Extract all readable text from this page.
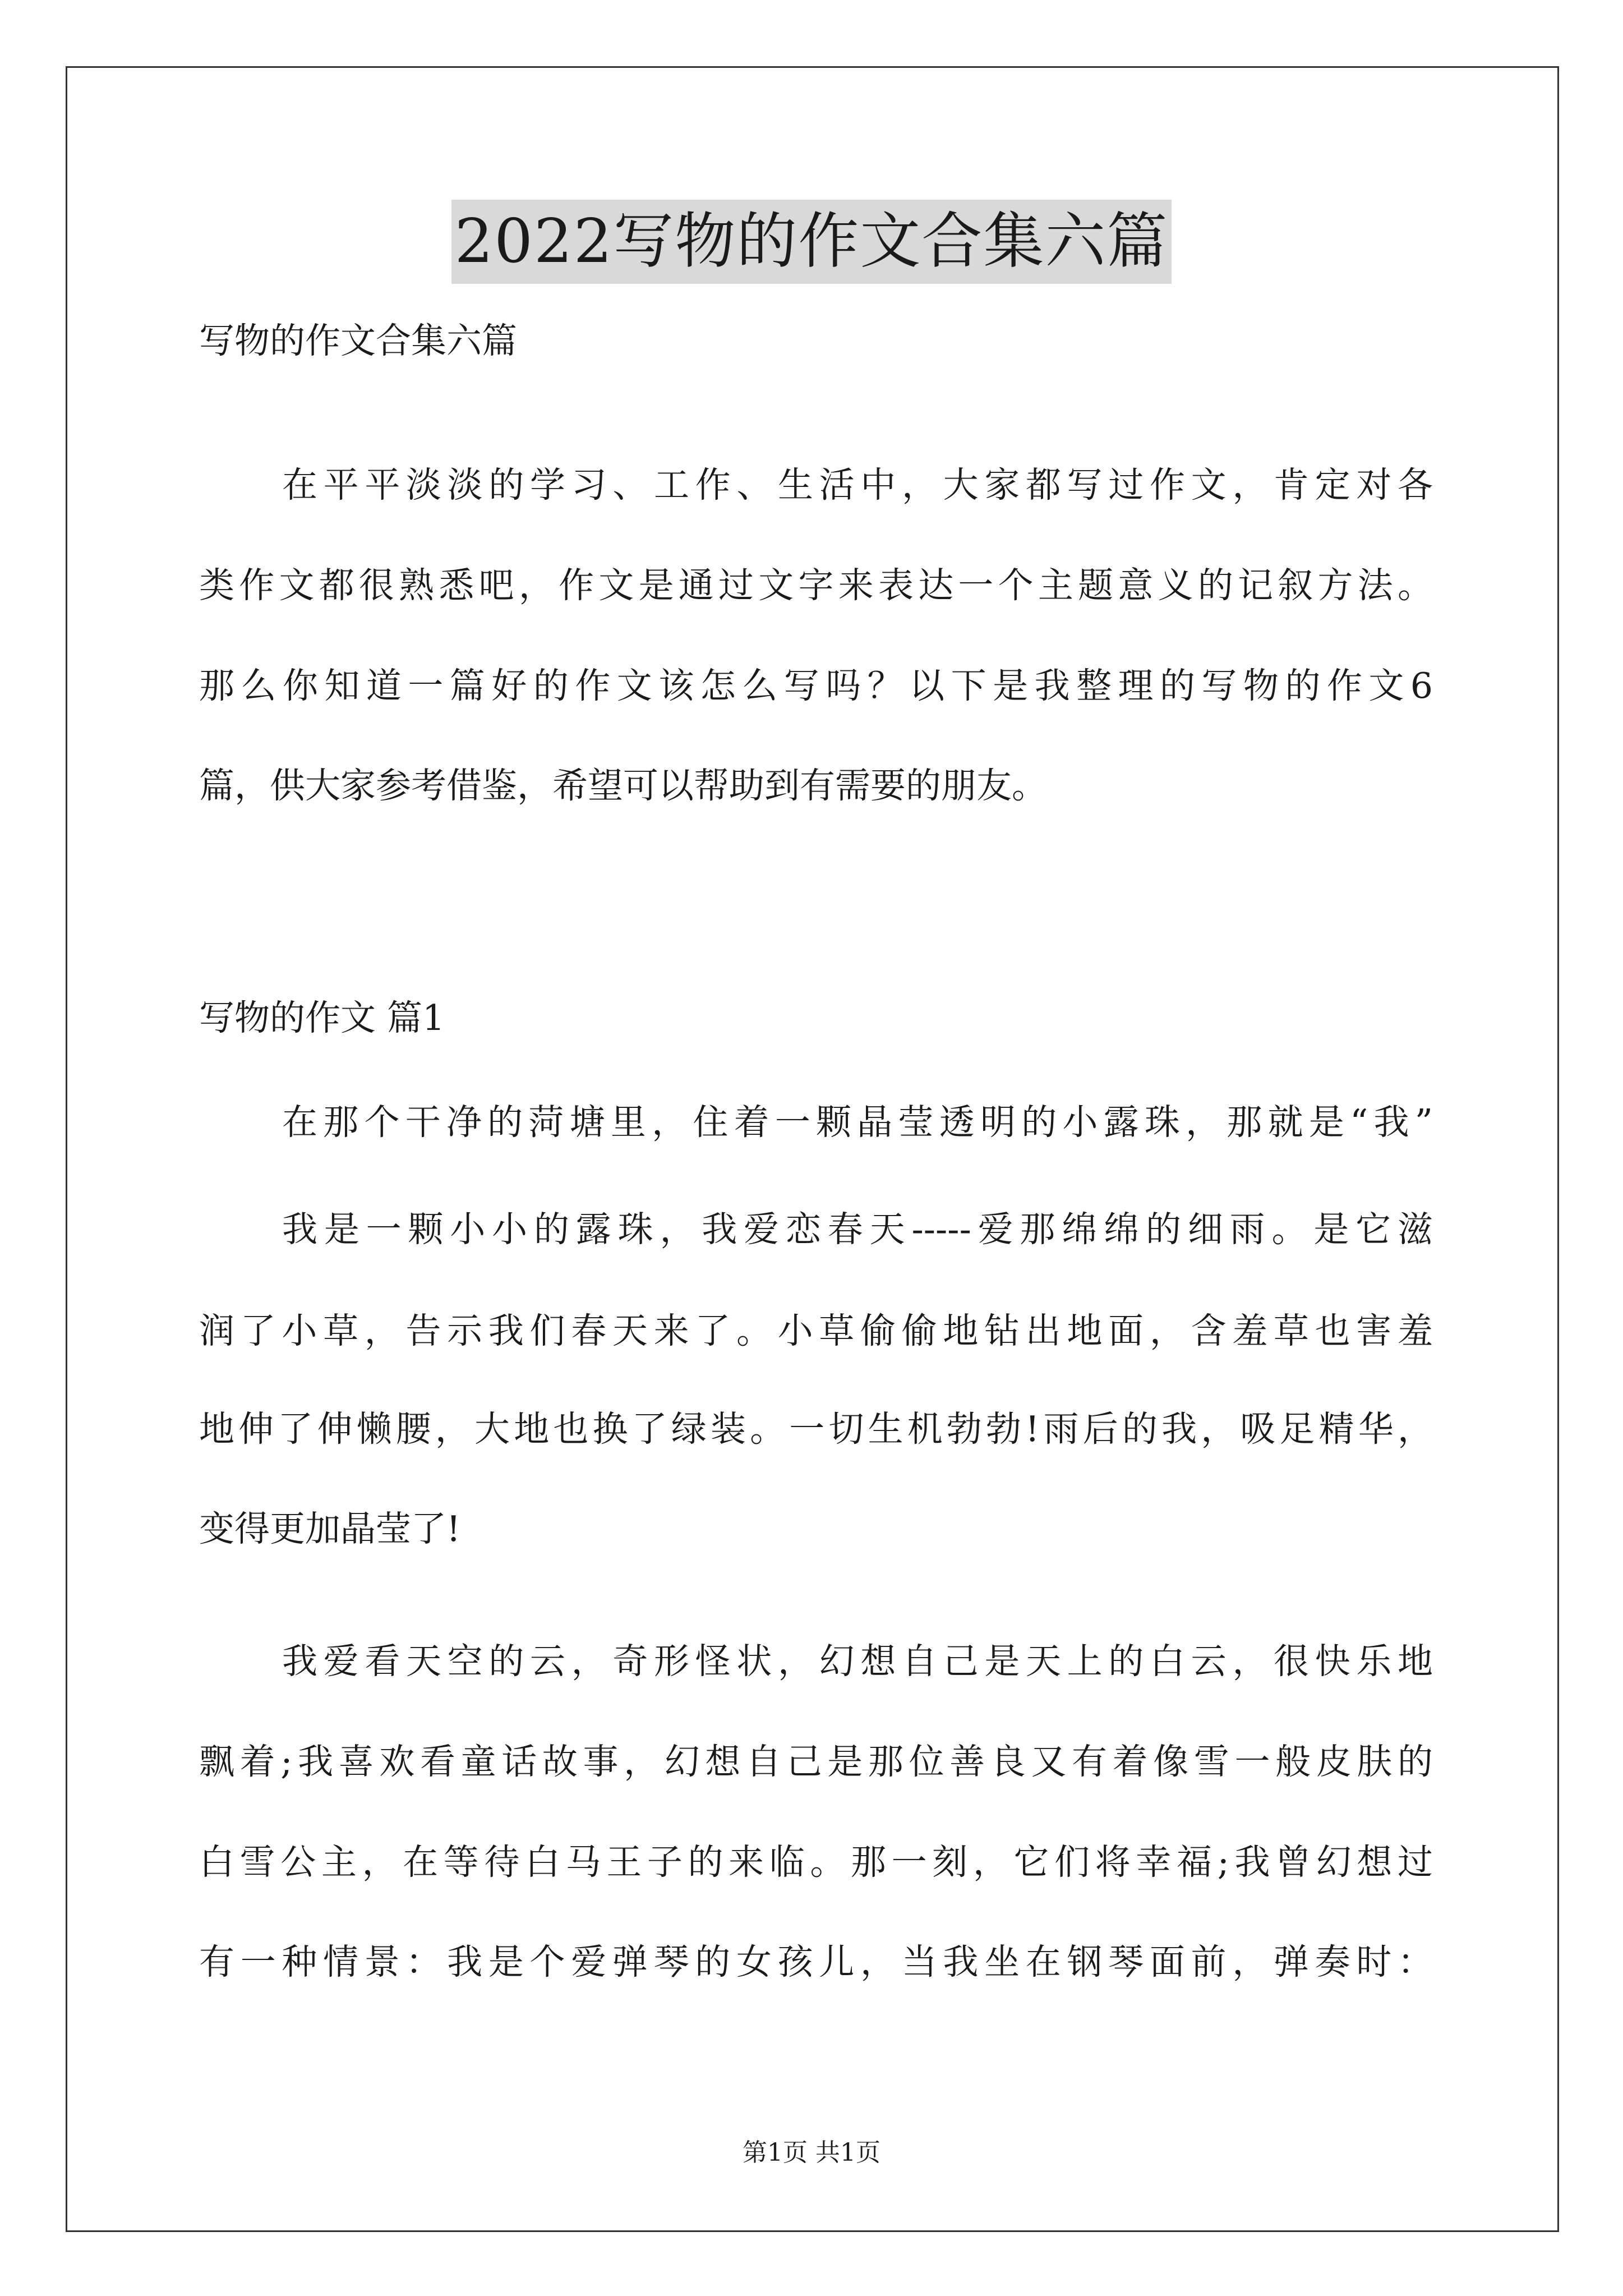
2022写物的作文合集六篇
写物的作文合集六篇
在平平淡淡的学习、工作、生活中，大家都写过作文，肯定对各
类作文都很熟悉吧，作文是通过文字来表达一个主题意义的记叙方法。
那么你知道一篇好的作文该怎么写吗？以下是我整理的写物的作文6
篇，供大家参考借鉴，希望可以帮助到有需要的朋友。
写物的作文 篇1
在那个干净的菏塘里，住着一颗晶莹透明的小露珠，那就是“我”
我是一颗小小的露珠，我爱恋春天-----爱那绵绵的细雨。是它滋
润了小草，告示我们春天来了。小草偷偷地钻出地面，含羞草也害羞
地伸了伸懒腰，大地也换了绿装。一切生机勃勃!雨后的我，吸足精华，
变得更加晶莹了!
我爱看天空的云，奇形怪状，幻想自己是天上的白云，很快乐地
飘着;我喜欢看童话故事，幻想自己是那位善良又有着像雪一般皮肤的
白雪公主，在等待白马王子的来临。那一刻，它们将幸福;我曾幻想过
有一种情景：我是个爱弹琴的女孩儿，当我坐在钢琴面前，弹奏时：
第1页 共1页
